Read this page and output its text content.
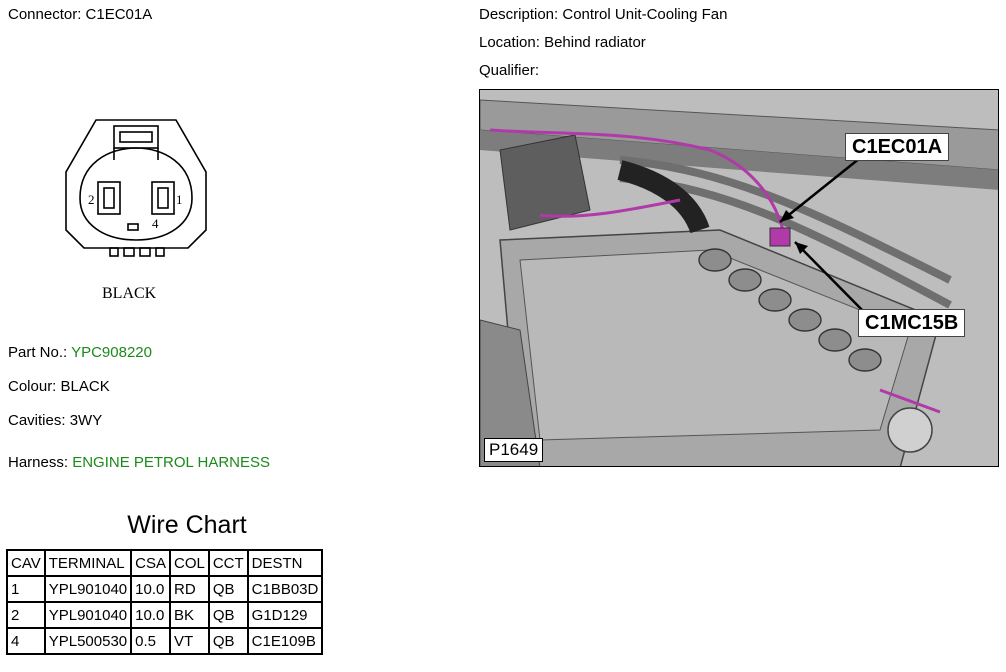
Connector: C1EC01A	Description: Control Unit-Cooling Fan
Location: Behind radiator
Qualifier:
2	1
4
BLACK
Part No.: YPC908220
Colour: BLACK
Cavities: 3WY
Harness: ENGINE PETROL HARNESS
C1EC01A
C1MC15B
P1649
Wire Chart
CAV	TERMINAL	CSA	COL	CCT	DESTN
1	YPL901040	10.0	RD	QB	C1BB03D
2	YPL901040	10.0	BK	QB	G1D129
4	YPL500530	0.5	VT	QB	C1E109B
